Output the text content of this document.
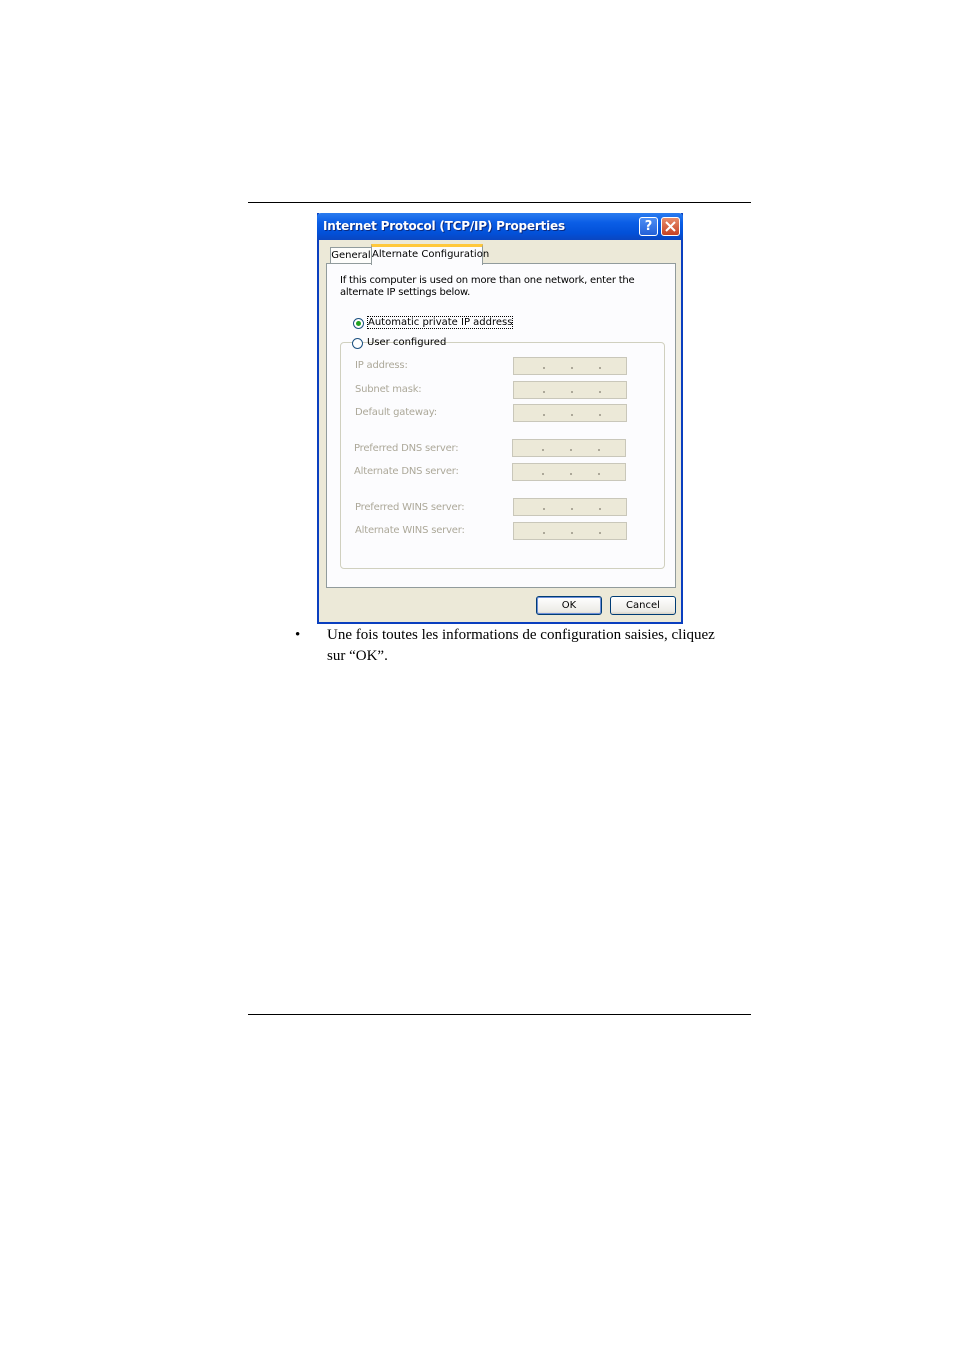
Internet Protocol (TCP/IP) Properties	?
General Alternate Configuration
If this computer is used on more than one network, enter the alternate IP settings below.
Automatic private IP address
User configured
IP address:
Subnet mask:
Default gateway:
Preferred DNS server:
Alternate DNS server:
Preferred WINS server:
Alternate WINS server:
OK	Cancel
• Une fois toutes les informations de configuration saisies, cliquez sur “OK”.
